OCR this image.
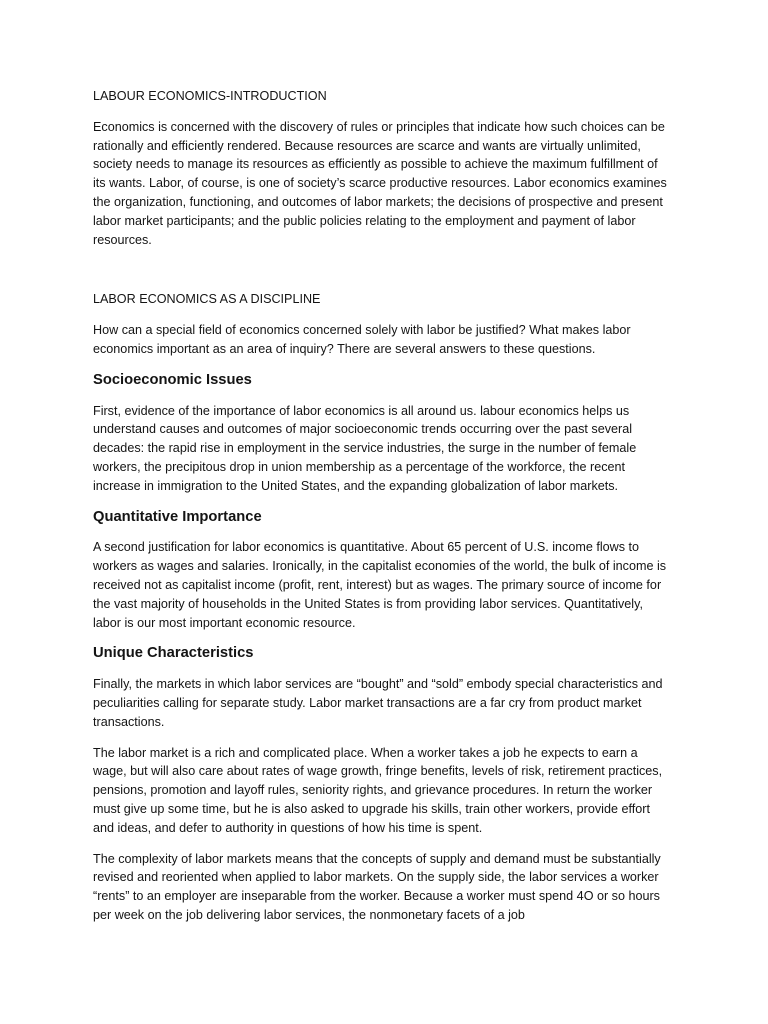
LABOUR ECONOMICS-INTRODUCTION

Economics is concerned with the discovery of rules or principles that indicate how such choices can be rationally and efficiently rendered. Because resources are scarce and wants are virtually unlimited, society needs to manage its resources as efficiently as possible to achieve the maximum fulfillment of its wants. Labor, of course, is one of society’s scarce productive resources. Labor economics examines the organization, functioning, and outcomes of labor markets; the decisions of prospective and present labor market participants; and the public policies relating to the employment and payment of labor resources.

LABOR ECONOMICS AS A DISCIPLINE

How can a special field of economics concerned solely with labor be justified? What makes labor economics important as an area of inquiry? There are several answers to these questions.

Socioeconomic Issues

First, evidence of the importance of labor economics is all around us. labour economics helps us understand causes and outcomes of major socioeconomic trends occurring over the past several decades: the rapid rise in employment in the service industries, the surge in the number of female workers, the precipitous drop in union membership as a percentage of the workforce, the recent increase in immigration to the United States, and the expanding globalization of labor markets.

Quantitative Importance

A second justification for labor economics is quantitative. About 65 percent of U.S. income flows to workers as wages and salaries. Ironically, in the capitalist economies of the world, the bulk of income is received not as capitalist income (profit, rent, interest) but as wages. The primary source of income for the vast majority of households in the United States is from providing labor services. Quantitatively, labor is our most important economic resource.

Unique Characteristics

Finally, the markets in which labor services are “bought” and “sold” embody special characteristics and peculiarities calling for separate study. Labor market transactions are a far cry from product market transactions.

The labor market is a rich and complicated place. When a worker takes a job he expects to earn a wage, but will also care about rates of wage growth, fringe benefits, levels of risk, retirement practices, pensions, promotion and layoff rules, seniority rights, and grievance procedures. In return the worker must give up some time, but he is also asked to upgrade his skills, train other workers, provide effort and ideas, and defer to authority in questions of how his time is spent.

The complexity of labor markets means that the concepts of supply and demand must be substantially revised and reoriented when applied to labor markets. On the supply side, the labor services a worker “rents” to an employer are inseparable from the worker. Because a worker must spend 4O or so hours per week on the job delivering labor services, the nonmonetary facets of a job
